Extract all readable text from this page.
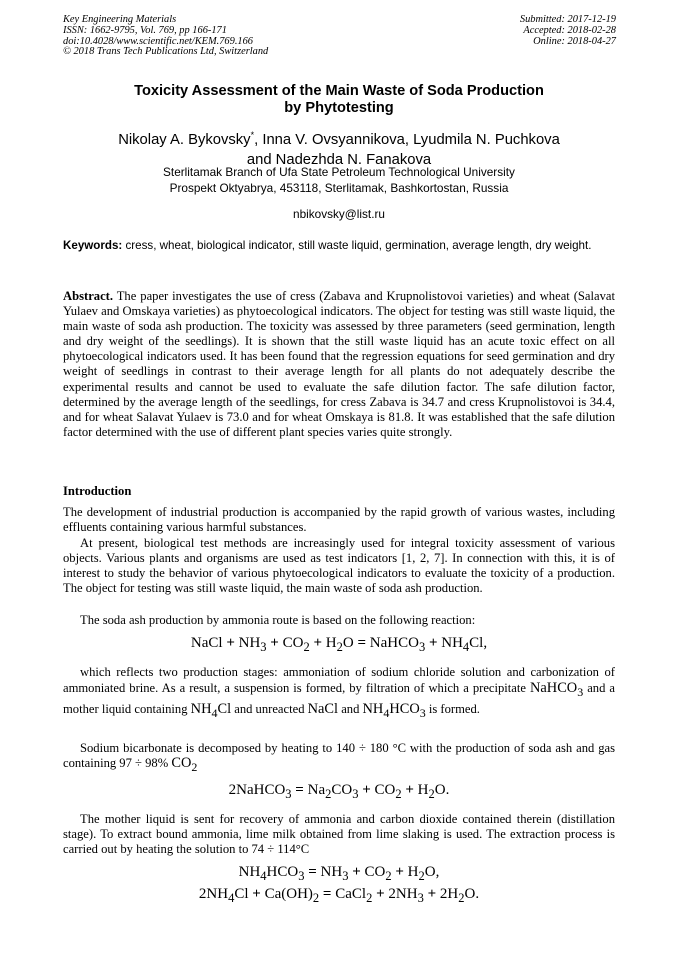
Key Engineering Materials
ISSN: 1662-9795, Vol. 769, pp 166-171
doi:10.4028/www.scientific.net/KEM.769.166
© 2018 Trans Tech Publications Ltd, Switzerland
Submitted: 2017-12-19
Accepted: 2018-02-28
Online: 2018-04-27
Toxicity Assessment of the Main Waste of Soda Production
by Phytotesting
Nikolay A. Bykovsky*, Inna V. Ovsyannikova, Lyudmila N. Puchkova
and Nadezhda N. Fanakova
Sterlitamak Branch of Ufa State Petroleum Technological University
Prospekt Oktyabrya, 453118, Sterlitamak, Bashkortostan, Russia
nbikovsky@list.ru
Keywords: cress, wheat, biological indicator, still waste liquid, germination, average length, dry weight.

Abstract. The paper investigates the use of cress (Zabava and Krupnolistovoi varieties) and wheat (Salavat Yulaev and Omskaya varieties) as phytoecological indicators. The object for testing was still waste liquid, the main waste of soda ash production. The toxicity was assessed by three parameters (seed germination, length and dry weight of the seedlings). It is shown that the still waste liquid has an acute toxic effect on all phytoecological indicators used. It has been found that the regression equations for seed germination and dry weight of seedlings in contrast to their average length for all plants do not adequately describe the experimental results and cannot be used to evaluate the safe dilution factor. The safe dilution factor, determined by the average length of the seedlings, for cress Zabava is 34.7 and cress Krupnolistovoi is 34.4, and for wheat Salavat Yulaev is 73.0 and for wheat Omskaya is 81.8. It was established that the safe dilution factor determined with the use of different plant species varies quite strongly.

Introduction

The development of industrial production is accompanied by the rapid growth of various wastes, including effluents containing various harmful substances.

At present, biological test methods are increasingly used for integral toxicity assessment of various objects. Various plants and organisms are used as test indicators [1, 2, 7]. In connection with this, it is of interest to study the behavior of various phytoecological indicators to evaluate the toxicity of a production. The object for testing was still waste liquid, the main waste of soda ash production.

The soda ash production by ammonia route is based on the following reaction:

NaCl + $NH_3 + CO_2 + H_2O$ = NaHCO$_3$ + $NH_4Cl$,

which reflects two production stages: ammoniation of sodium chloride solution and carbonization of ammoniated brine. As a result, a suspension is formed, by filtration of which a precipitate NaHCO$_3$ and a mother liquid containing $NH_4Cl$ and unreacted NaCl and $NH_4HCO_3$ is formed.

Sodium bicarbonate is decomposed by heating to 140 ÷ 180 °C with the production of soda ash and gas containing 97 ÷ 98% $CO_2$

2NaHCO$_3$ = $Na_2CO_3 + CO_2 + H_2O$.

The mother liquid is sent for recovery of ammonia and carbon dioxide contained therein (distillation stage). To extract bound ammonia, lime milk obtained from lime slaking is used. The extraction process is carried out by heating the solution to 74 ÷ 114°C

$NH_4HCO_3 = NH_3 + CO_2 + H_2O$,
$2NH_4Cl + Ca(OH)_2$ = CaCl$_2$ + $2NH_3 + 2H_2O$.
